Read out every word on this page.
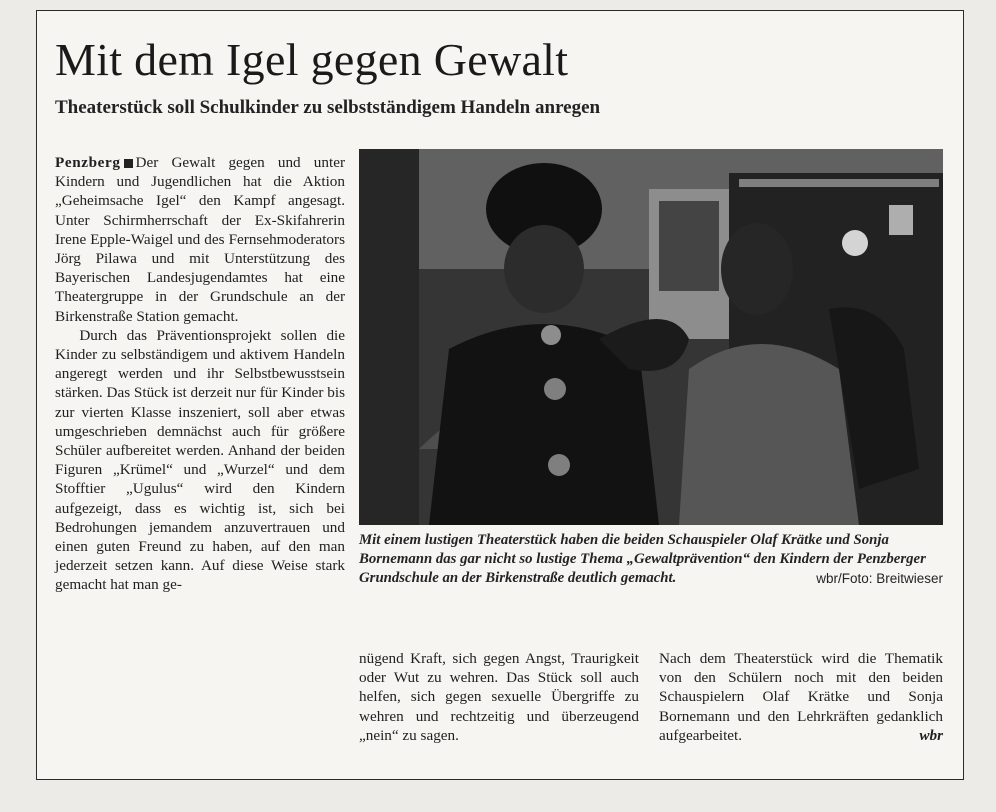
Mit dem Igel gegen Gewalt
Theaterstück soll Schulkinder zu selbstständigem Handeln anregen

Penzberg Der Gewalt gegen und unter Kindern und Jugendlichen hat die Aktion „Geheimsache Igel“ den Kampf angesagt. Unter Schirmherrschaft der Ex-Skifahrerin Irene Epple-Waigel und des Fernsehmoderators Jörg Pilawa und mit Unterstützung des Bayerischen Landesjugendamtes hat eine Theatergruppe in der Grundschule an der Birkenstraße Station gemacht.

Durch das Präventionsprojekt sollen die Kinder zu selbständigem und aktivem Handeln angeregt werden und ihr Selbstbewusstsein stärken. Das Stück ist derzeit nur für Kinder bis zur vierten Klasse inszeniert, soll aber etwas umgeschrieben demnächst auch für größere Schüler aufbereitet werden. Anhand der beiden Figuren „Krümel“ und „Wurzel“ und dem Stofftier „Ugulus“ wird den Kindern aufgezeigt, dass es wichtig ist, sich bei Bedrohungen jemandem anzuvertrauen und einen guten Freund zu haben, auf den man jederzeit setzen kann. Auf diese Weise stark gemacht hat man ge-

Mit einem lustigen Theaterstück haben die beiden Schauspieler Olaf Krätke und Sonja Bornemann das gar nicht so lustige Thema „Gewaltprävention“ den Kindern der Penzberger Grundschule an der Birkenstraße deutlich gemacht.	wbr/Foto: Breitwieser

nügend Kraft, sich gegen Angst, Traurigkeit oder Wut zu wehren. Das Stück soll auch helfen, sich gegen sexuelle Übergriffe zu wehren und rechtzeitig und überzeugend „nein“ zu sagen.

Nach dem Theaterstück wird die Thematik von den Schülern noch mit den beiden Schauspielern Olaf Krätke und Sonja Bornemann und den Lehrkräften gedanklich aufgearbeitet.	wbr
